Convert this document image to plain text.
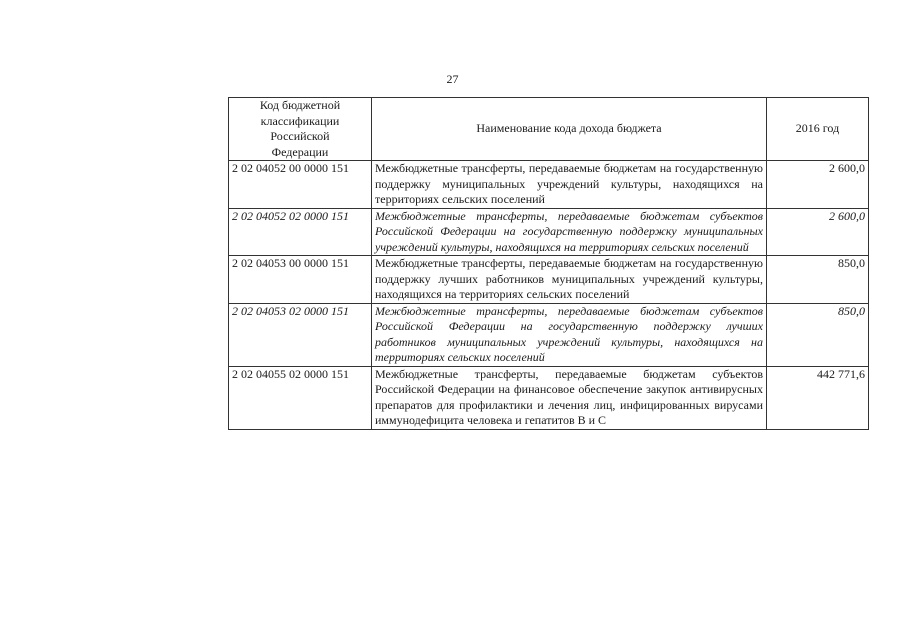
27
Код бюджетной классификации Российской Федерации	Наименование кода дохода бюджета	2016 год
2 02 04052 00 0000 151	Межбюджетные трансферты, передаваемые бюджетам на государственную поддержку муниципальных учреждений культуры, находящихся на территориях сельских поселений	2 600,0
2 02 04052 02 0000 151	Межбюджетные трансферты, передаваемые бюджетам субъектов Российской Федерации на государственную поддержку муниципальных учреждений культуры, находящихся на территориях сельских поселений	2 600,0
2 02 04053 00 0000 151	Межбюджетные трансферты, передаваемые бюджетам на государственную поддержку лучших работников муниципальных учреждений культуры, находящихся на территориях сельских поселений	850,0
2 02 04053 02 0000 151	Межбюджетные трансферты, передаваемые бюджетам субъектов Российской Федерации на государственную поддержку лучших работников муниципальных учреждений культуры, находящихся на территориях сельских поселений	850,0
2 02 04055 02 0000 151	Межбюджетные трансферты, передаваемые бюджетам субъектов Российской Федерации на финансовое обеспечение закупок антивирусных препаратов для профилактики и лечения лиц, инфицированных вирусами иммунодефицита человека и гепатитов В и С	442 771,6
